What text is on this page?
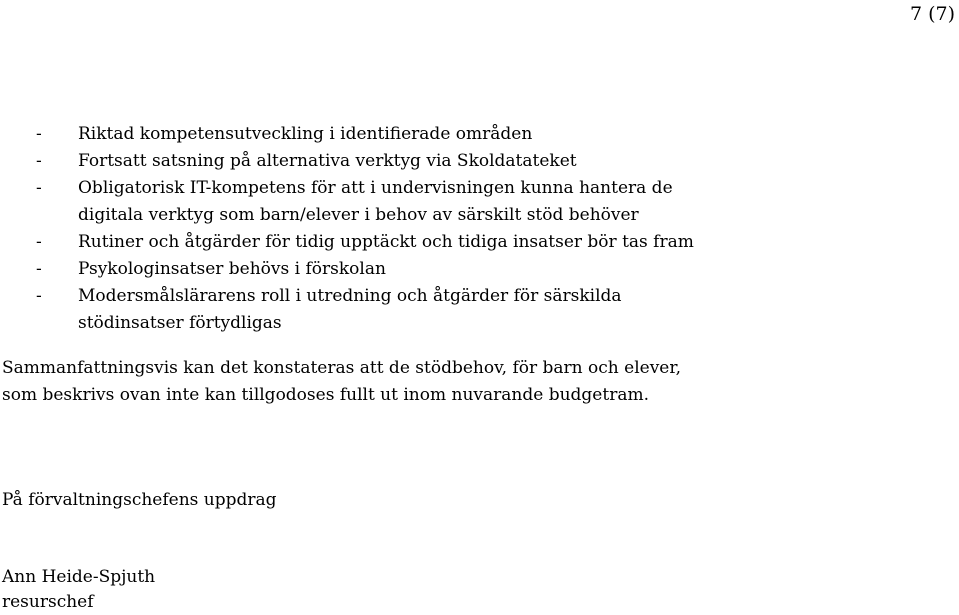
7 (7)
-	Riktad kompetensutveckling i identifierade områden
-	Fortsatt satsning på alternativa verktyg via Skoldatateket
-	Obligatorisk IT-kompetens för att i undervisningen kunna hantera de
digitala verktyg som barn/elever i behov av särskilt stöd behöver
-	Rutiner och åtgärder för tidig upptäckt och tidiga insatser bör tas fram
-	Psykologinsatser behövs i förskolan
-	Modersmålslärarens roll i utredning och åtgärder för särskilda
stödinsatser förtydligas
Sammanfattningsvis kan det konstateras att de stödbehov, för barn och elever,
som beskrivs ovan inte kan tillgodoses fullt ut inom nuvarande budgetram.
På förvaltningschefens uppdrag
Ann Heide-Spjuth
resurschef
